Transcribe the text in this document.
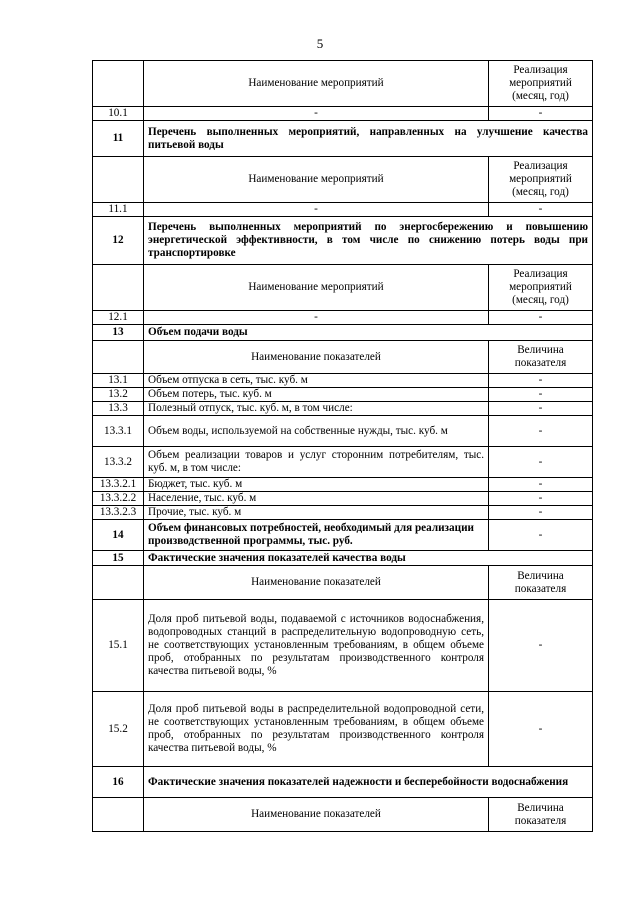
5
	Наименование мероприятий	Реализация мероприятий (месяц, год)
10.1	-	-
11	Перечень выполненных мероприятий, направленных на улучшение качества питьевой воды	
	Наименование мероприятий	Реализация мероприятий (месяц, год)
11.1	-	-
12	Перечень выполненных мероприятий по энергосбережению и повышению энергетической эффективности, в том числе по снижению потерь воды при транспортировке	
	Наименование мероприятий	Реализация мероприятий (месяц, год)
12.1	-	-
13	Объем подачи воды	
	Наименование показателей	Величина показателя
13.1	Объем отпуска в сеть, тыс. куб. м	-
13.2	Объем потерь, тыс. куб. м	-
13.3	Полезный отпуск, тыс. куб. м, в том числе:	-
13.3.1	Объем воды, используемой на собственные нужды, тыс. куб. м	-
13.3.2	Объем реализации товаров и услуг сторонним потребителям, тыс. куб. м, в том числе:	-
13.3.2.1	Бюджет, тыс. куб. м	-
13.3.2.2	Население, тыс. куб. м	-
13.3.2.3	Прочие, тыс. куб. м	-
14	Объем финансовых потребностей, необходимый для реализации производственной программы, тыс. руб.	-
15	Фактические значения показателей качества воды	
	Наименование показателей	Величина показателя
15.1	Доля проб питьевой воды, подаваемой с источников водоснабжения, водопроводных станций в распределительную водопроводную сеть, не соответствующих установленным требованиям, в общем объеме проб, отобранных по результатам производственного контроля качества питьевой воды, %	-
15.2	Доля проб питьевой воды в распределительной водопроводной сети, не соответствующих установленным требованиям, в общем объеме проб, отобранных по результатам производственного контроля качества питьевой воды, %	-
16	Фактические значения показателей надежности и бесперебойности водоснабжения	
	Наименование показателей	Величина показателя
